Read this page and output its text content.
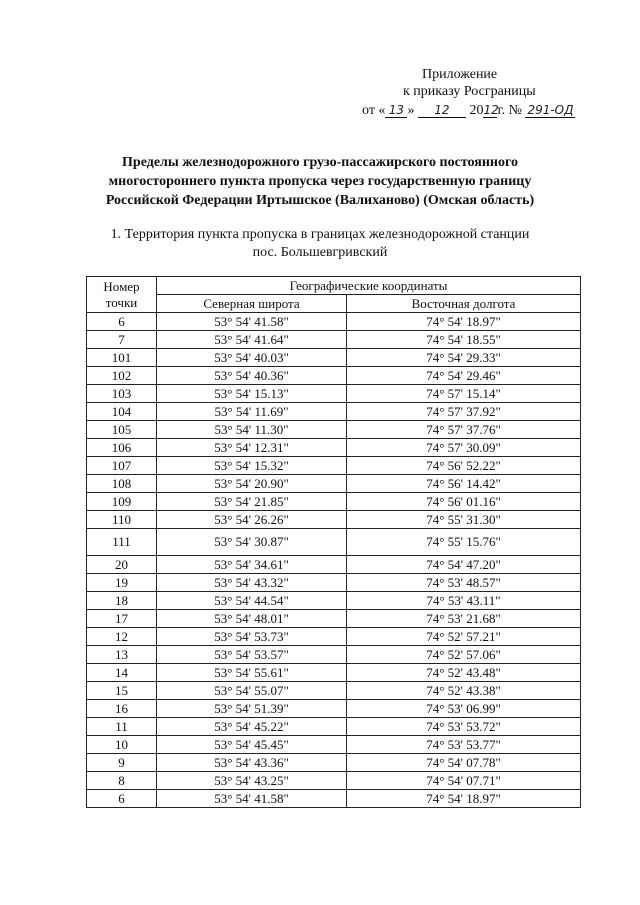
Приложение
к приказу Росграницы
от « 13 » 12 2012г. № 291-ОД
Пределы железнодорожного грузо-пассажирского постоянного
многостороннего пункта пропуска через государственную границу
Российской Федерации Иртышское (Валиханово) (Омская область)
1. Территория пункта пропуска в границах железнодорожной станции
пос. Большевгривский
Номер
точки	Географические координаты	
	Северная широта	Восточная долгота
6	53° 54' 41.58"	74° 54' 18.97"
7	53° 54' 41.64"	74° 54' 18.55"
101	53° 54' 40.03"	74° 54' 29.33"
102	53° 54' 40.36"	74° 54' 29.46"
103	53° 54' 15.13"	74° 57' 15.14"
104	53° 54' 11.69"	74° 57' 37.92"
105	53° 54' 11.30"	74° 57' 37.76"
106	53° 54' 12.31"	74° 57' 30.09"
107	53° 54' 15.32"	74° 56' 52.22"
108	53° 54' 20.90"	74° 56' 14.42"
109	53° 54' 21.85"	74° 56' 01.16"
110	53° 54' 26.26"	74° 55' 31.30"
111	53° 54' 30.87"	74° 55' 15.76"
20	53° 54' 34.61"	74° 54' 47.20"
19	53° 54' 43.32"	74° 53' 48.57"
18	53° 54' 44.54"	74° 53' 43.11"
17	53° 54' 48.01"	74° 53' 21.68"
12	53° 54' 53.73"	74° 52' 57.21"
13	53° 54' 53.57"	74° 52' 57.06"
14	53° 54' 55.61"	74° 52' 43.48"
15	53° 54' 55.07"	74° 52' 43.38"
16	53° 54' 51.39"	74° 53' 06.99"
11	53° 54' 45.22"	74° 53' 53.72"
10	53° 54' 45.45"	74° 53' 53.77"
9	53° 54' 43.36"	74° 54' 07.78"
8	53° 54' 43.25"	74° 54' 07.71"
6	53° 54' 41.58"	74° 54' 18.97"
